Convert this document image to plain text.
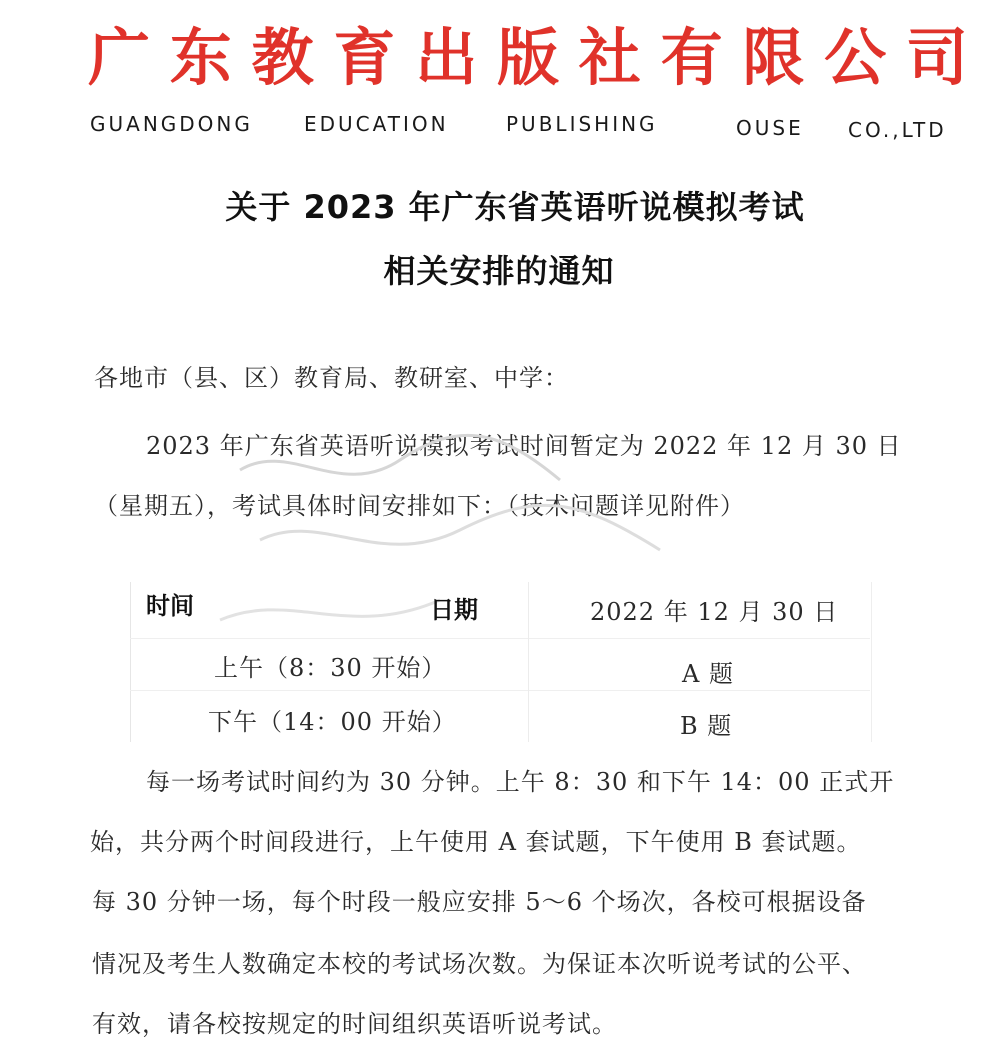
广 东 教 育 出 版 社 有 限 公 司
GUANGDONG	EDUCATION	PUBLISHING	OUSE CO.,LTD
关于 2023 年广东省英语听说模拟考试
相关安排的通知
各地市（县、区）教育局、教研室、中学：
2023 年广东省英语听说模拟考试时间暂定为 2022 年 12 月 30 日
（星期五），考试具体时间安排如下：（技术问题详见附件）
时间	日期	2022 年 12 月 30 日
上午（8：30 开始）	A 题
下午（14：00 开始）	B 题
每一场考试时间约为 30 分钟。上午 8：30 和下午 14：00 正式开
始，共分两个时间段进行，上午使用 A 套试题，下午使用 B 套试题。
每 30 分钟一场，每个时段一般应安排 5～6 个场次，各校可根据设备
情况及考生人数确定本校的考试场次数。为保证本次听说考试的公平、
有效，请各校按规定的时间组织英语听说考试。
